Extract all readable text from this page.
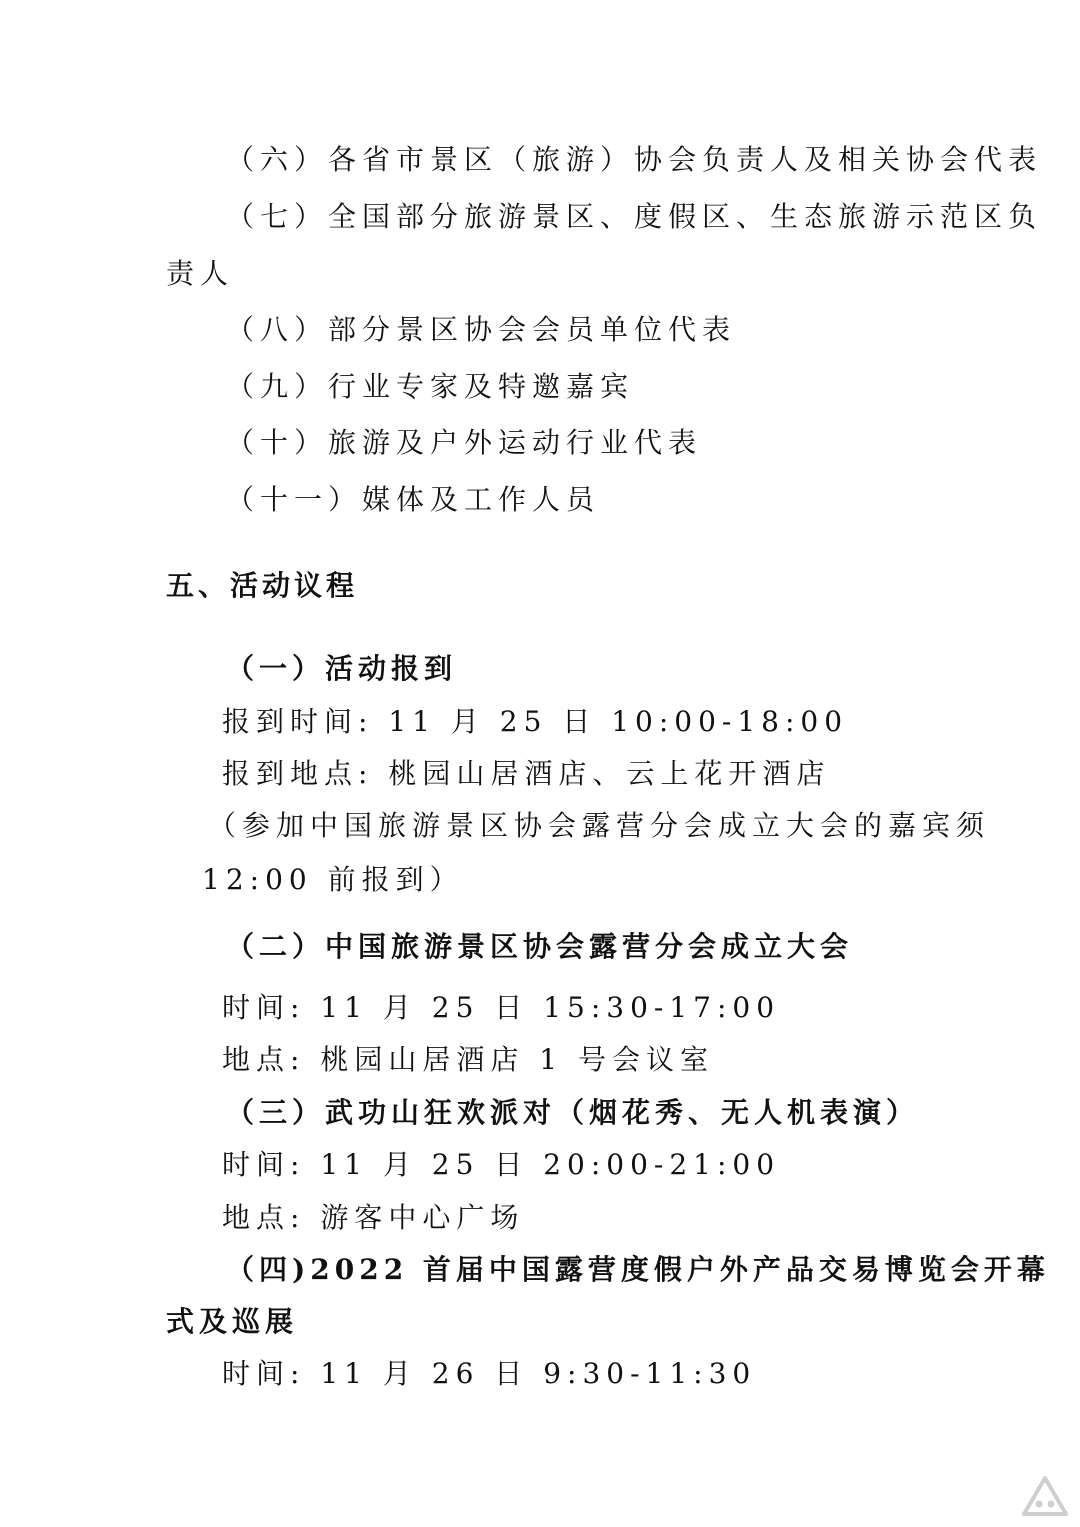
（六）各省市景区（旅游）协会负责人及相关协会代表
（七）全国部分旅游景区、度假区、生态旅游示范区负
责人
（八）部分景区协会会员单位代表
（九）行业专家及特邀嘉宾
（十）旅游及户外运动行业代表
（十一）媒体及工作人员
五、活动议程
（一）活动报到
报到时间: 11 月 25 日 10:00-18:00
报到地点: 桃园山居酒店、云上花开酒店
（参加中国旅游景区协会露营分会成立大会的嘉宾须
12:00 前报到）
（二）中国旅游景区协会露营分会成立大会
时间: 11 月 25 日 15:30-17:00
地点: 桃园山居酒店 1 号会议室
（三）武功山狂欢派对（烟花秀、无人机表演）
时间: 11 月 25 日 20:00-21:00
地点: 游客中心广场
（四)2022 首届中国露营度假户外产品交易博览会开幕
式及巡展
时间: 11 月 26 日 9:30-11:30
